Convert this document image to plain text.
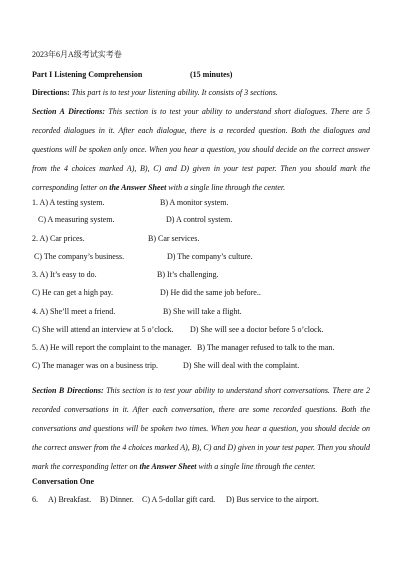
2023年6月A级考试实考卷
Part I Listening Comprehension	(15 minutes)
Directions: This part is to test your listening ability. It consists of 3 sections.
Section A Directions: This section is to test your ability to understand short dialogues. There are 5 recorded dialogues in it. After each dialogue, there is a recorded question. Both the dialogues and questions will be spoken only once. When you hear a question, you should decide on the correct answer from the 4 choices marked A), B), C) and D) given in your test paper. Then you should mark the corresponding letter on the Answer Sheet with a single line through the center.
1. A) A testing system.	B) A monitor system.
C) A measuring system.	D) A control system.
2. A) Car prices.	B) Car services.
C) The company’s business.	D) The company’s culture.
3. A) It’s easy to do.	B) It’s challenging.
C) He can get a high pay.	D) He did the same job before..
4. A) She’ll meet a friend.	B) She will take a flight.
C) She will attend an interview at 5 o’clock. D) She will see a doctor before 5 o’clock.
5. A) He will report the complaint to the manager. B) The manager refused to talk to the man.
C) The manager was on a business trip.	D) She will deal with the complaint.
Section B Directions: This section is to test your ability to understand short conversations. There are 2 recorded conversations in it. After each conversation, there are some recorded questions. Both the conversations and questions will be spoken two times. When you hear a question, you should decide on the correct answer from the 4 choices marked A), B), C) and D) given in your test paper. Then you should mark the corresponding letter on the Answer Sheet with a single line through the center.
Conversation One
6. A) Breakfast. B) Dinner. C) A 5-dollar gift card. D) Bus service to the airport.
